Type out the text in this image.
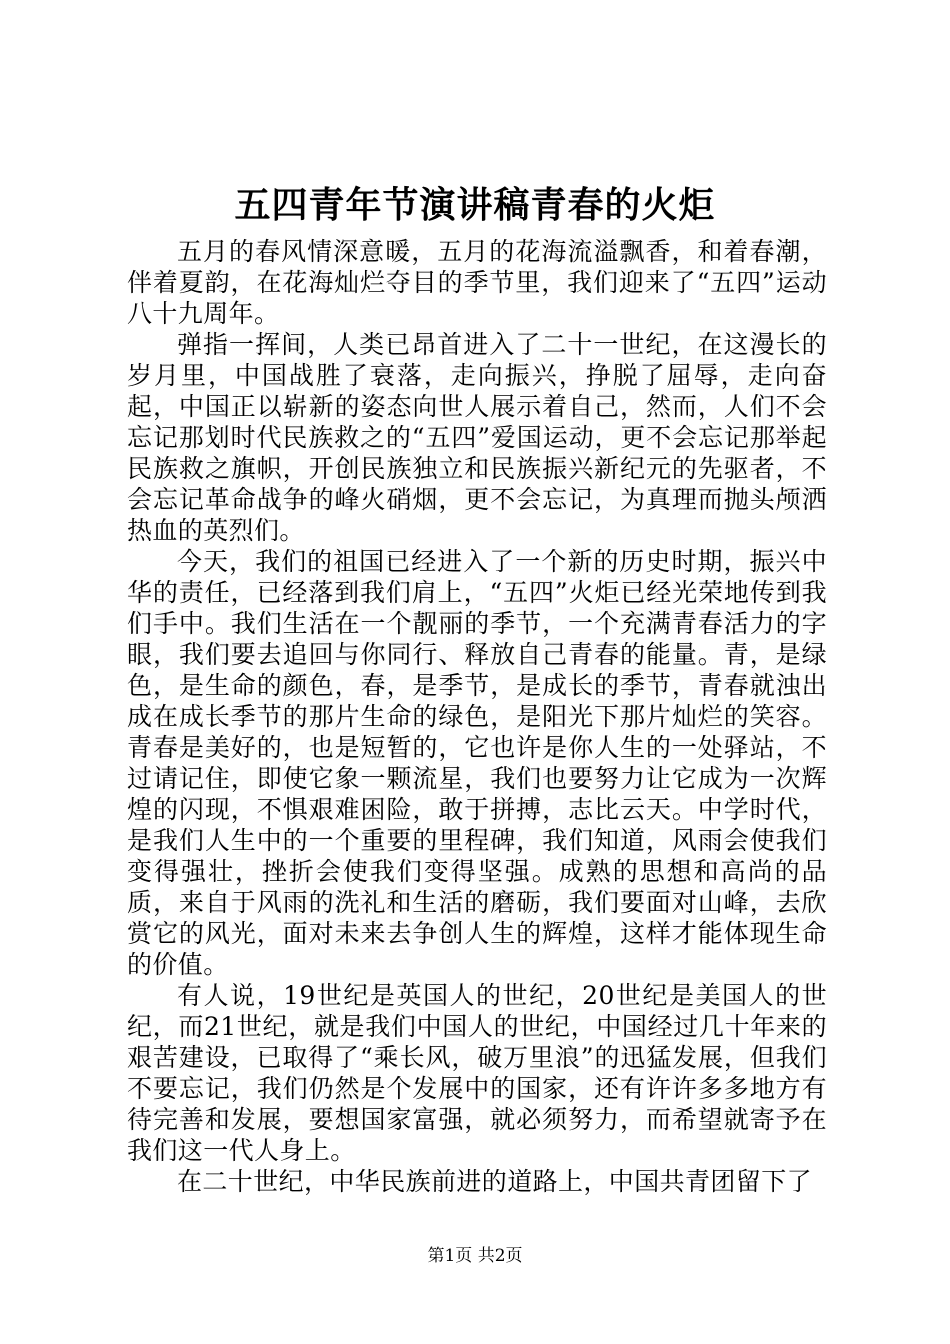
五四青年节演讲稿青春的火炬

五月的春风情深意暖，五月的花海流溢飘香，和着春潮，伴着夏韵，在花海灿烂夺目的季节里，我们迎来了“五四”运动八十九周年。

弹指一挥间，人类已昂首进入了二十一世纪，在这漫长的岁月里，中国战胜了衰落，走向振兴，挣脱了屈辱，走向奋起，中国正以崭新的姿态向世人展示着自己，然而，人们不会忘记那划时代民族救之的“五四”爱国运动，更不会忘记那举起民族救之旗帜，开创民族独立和民族振兴新纪元的先驱者，不会忘记革命战争的峰火硝烟，更不会忘记，为真理而抛头颅洒热血的英烈们。

今天，我们的祖国已经进入了一个新的历史时期，振兴中华的责任，已经落到我们肩上，“五四”火炬已经光荣地传到我们手中。我们生活在一个靓丽的季节，一个充满青春活力的字眼，我们要去追回与你同行、释放自己青春的能量。青，是绿色，是生命的颜色，春，是季节，是成长的季节，青春就浊出成在成长季节的那片生命的绿色，是阳光下那片灿烂的笑容。青春是美好的，也是短暂的，它也许是你人生的一处驿站，不过请记住，即使它象一颗流星，我们也要努力让它成为一次辉煌的闪现，不惧艰难困险，敢于拼搏，志比云天。中学时代，是我们人生中的一个重要的里程碑，我们知道，风雨会使我们变得强壮，挫折会使我们变得坚强。成熟的思想和高尚的品质，来自于风雨的洗礼和生活的磨砺，我们要面对山峰，去欣赏它的风光，面对未来去争创人生的辉煌，这样才能体现生命的价值。

有人说，19世纪是英国人的世纪，20世纪是美国人的世纪，而21世纪，就是我们中国人的世纪，中国经过几十年来的艰苦建设，已取得了“乘长风，破万里浪”的迅猛发展，但我们不要忘记，我们仍然是个发展中的国家，还有许许多多地方有待完善和发展，要想国家富强，就必须努力，而希望就寄予在我们这一代人身上。

在二十世纪，中华民族前进的道路上，中国共青团留下了

第1页 共2页
